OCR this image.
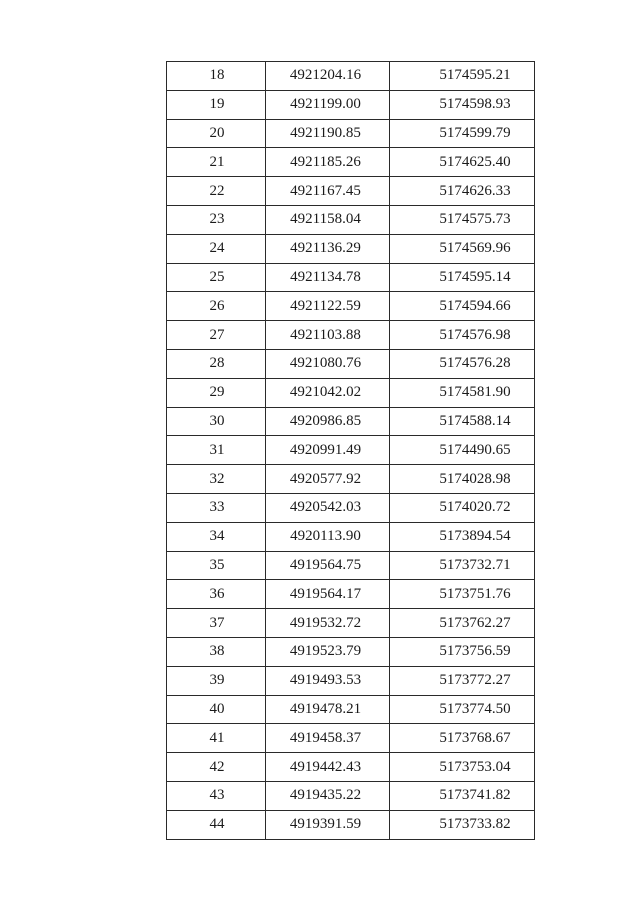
18	4921204.16	5174595.21
19	4921199.00	5174598.93
20	4921190.85	5174599.79
21	4921185.26	5174625.40
22	4921167.45	5174626.33
23	4921158.04	5174575.73
24	4921136.29	5174569.96
25	4921134.78	5174595.14
26	4921122.59	5174594.66
27	4921103.88	5174576.98
28	4921080.76	5174576.28
29	4921042.02	5174581.90
30	4920986.85	5174588.14
31	4920991.49	5174490.65
32	4920577.92	5174028.98
33	4920542.03	5174020.72
34	4920113.90	5173894.54
35	4919564.75	5173732.71
36	4919564.17	5173751.76
37	4919532.72	5173762.27
38	4919523.79	5173756.59
39	4919493.53	5173772.27
40	4919478.21	5173774.50
41	4919458.37	5173768.67
42	4919442.43	5173753.04
43	4919435.22	5173741.82
44	4919391.59	5173733.82
